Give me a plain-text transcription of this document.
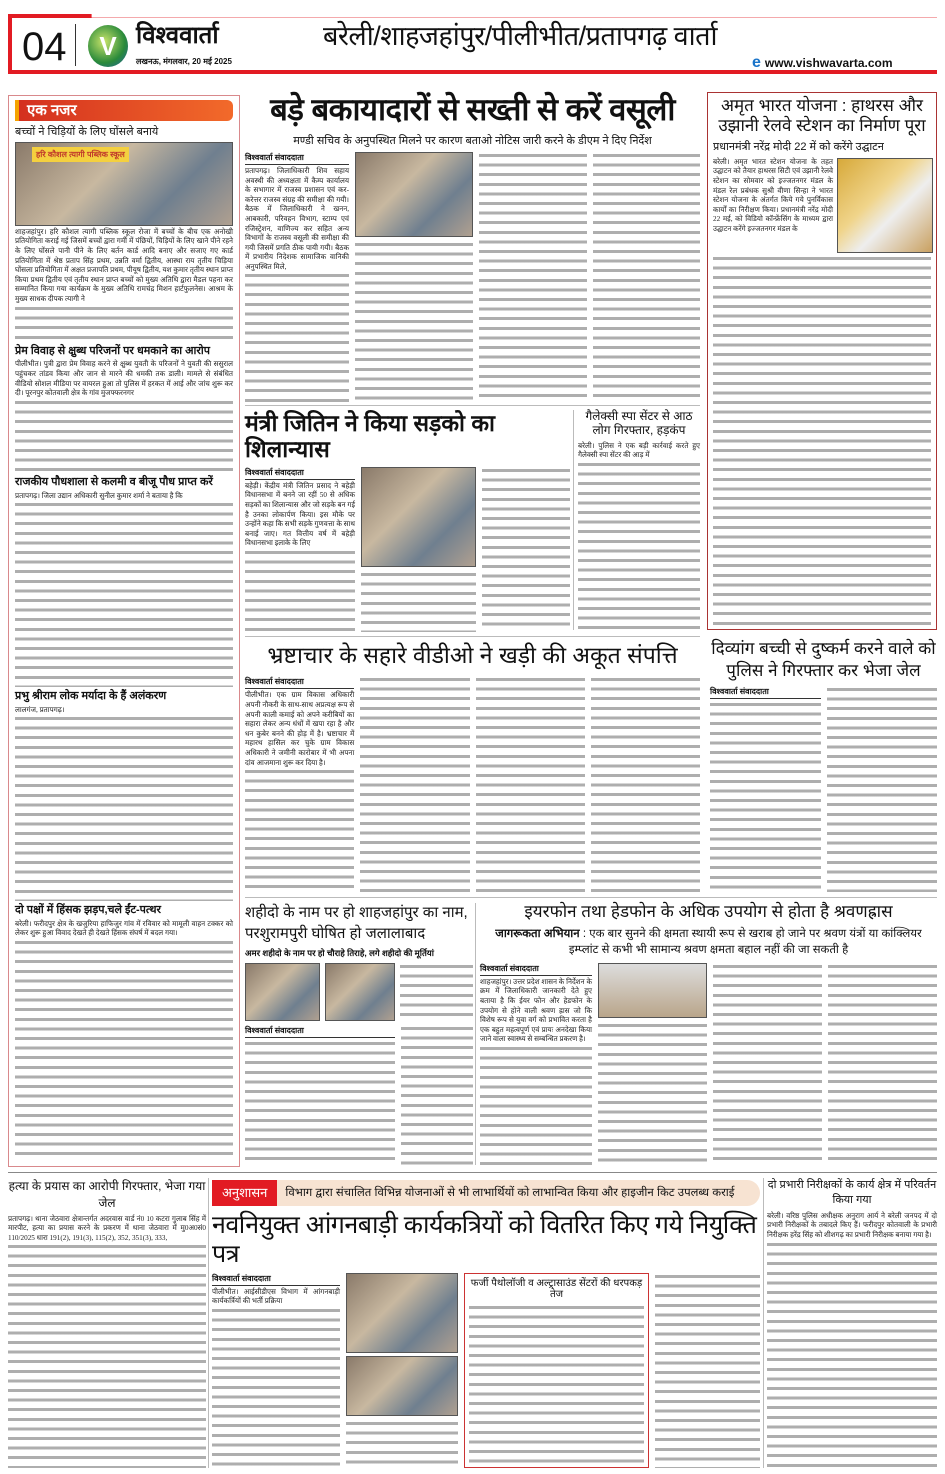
04	V विश्ववार्ता
लखनऊ, मंगलवार, 20 मई 2025
बरेली/शाहजहांपुर/पीलीभीत/प्रतापगढ़ वार्ता
e www.vishwavarta.com
एक नजर
बच्चों ने चिड़ियों के लिए घोंसले बनाये
हरि कौशल त्यागी पब्लिक स्कूल
शाहजहांपुर। हरि कौशल त्यागी पब्लिक स्कूल रोजा में बच्चों के बीच एक अनोखी प्रतियोगिता कराई गई जिसमें बच्चों द्वारा गर्मी में पंछियों, चिड़ियों के लिए खाने पीने रहने के लिए घोंसले पानी पीने के लिए बर्तन कार्ड आदि बनाए और सजाए गए कार्ड प्रतियोगिता में श्रेष्ठ प्रताप सिंह प्रथम, उन्नति वर्मा द्वितीय, आस्था राय तृतीय चिड़िया घोंसला प्रतियोगिता में अक्षत प्रजापति प्रथम, पीयूष द्वितीय, यश कुमार तृतीय स्थान प्राप्त किया प्रथम द्वितीय एवं तृतीय स्थान प्राप्त बच्चों को मुख्य अतिथि द्वारा मैडल पहना कर सम्मानित किया गया कार्यक्रम के मुख्य अतिथि रामचंद्र मिशन हार्टफुलनेस। आश्रम के मुख्य साधक दीपक त्यागी ने
प्रेम विवाह से क्षुब्ध परिजनों पर धमकाने का आरोप
पीलीभीत। पुत्री द्वारा प्रेम विवाह करने से क्षुब्ध युवती के परिजनों ने युवती की ससुराल पहुंचकर तांडव किया और जान से मारने की धमकी तक डाली। मामले से संबंधित वीडियो सोशल मीडिया पर वायरल हुआ तो पुलिस में हरकत में आई और जांच शुरू कर दी। पूरनपुर कोतवाली क्षेत्र के गांव मुजफ्फरनगर
राजकीय पौधशाला से कलमी व बीजू पौध प्राप्त करें
प्रतापगढ़। जिला उद्यान अधिकारी सुनील कुमार शर्मा ने बताया है कि
प्रभु श्रीराम लोक मर्यादा के हैं अलंकरण
लालगंज, प्रतापगढ़।
दो पक्षों में हिंसक झड़प,चले ईंट-पत्थर
बरेली। फरीदपुर क्षेत्र के खजुरिया हाफिजुर गांव में रविवार को मामूली वाहन टक्कर को लेकर शुरू हुआ विवाद देखते ही देखते हिंसक संघर्ष में बदल गया।
बड़े बकायादारों से सख्ती से करें वसूली
मण्डी सचिव के अनुपस्थित मिलने पर कारण बताओ नोटिस जारी करने के डीएम ने दिए निर्देश
विश्ववार्ता संवाददाता
प्रतापगढ़। जिलाधिकारी शिव सहाय अवस्थी की अध्यक्षता में कैम्प कार्यालय के सभागार में राजस्व प्रशासन एवं कर-करेत्तर राजस्व संग्रह की समीक्षा की गयी। बैठक में जिलाधिकारी ने खनन, आबकारी, परिवहन विभाग, स्टाम्प एवं रजिस्ट्रेशन, वाणिज्य कर सहित अन्य विभागों के राजस्व वसूली की समीक्षा की गयी जिसमें प्रगति ठीक पायी गयी। बैठक में प्रभारीय निदेशक सामाजिक वानिकी अनुपस्थित मिले,
मंत्री जितिन ने किया सड़को का शिलान्यास
विश्ववार्ता संवाददाता
बहेड़ी। केंद्रीय मंत्री जितिन प्रसाद ने बहेड़ी विधानसभा में बनने जा रहीं 50 से अधिक सड़कों का शिलान्यास और जो सड़के बन गई है उनका लोकार्पण किया। इस मौके पर उन्होंने कहा कि सभी सड़के गुणवत्ता के साथ बनाई जाए। गत वित्तीय वर्ष में बहेड़ी विधानसभा इलाके के लिए
गैलेक्सी स्पा सेंटर से आठ लोग गिरफ्तार, हड़कंप
बरेली। पुलिस ने एक बड़ी कार्रवाई करते हुए गैलेक्सी स्पा सेंटर की आड़ में
अमृत भारत योजना : हाथरस और उझानी रेलवे स्टेशन का निर्माण पूरा
प्रधानमंत्री नरेंद्र मोदी 22 में को करेंगे उद्घाटन
बरेली। अमृत भारत स्टेशन योजना के तहत उद्घाटन को तैयार हाथरस सिटी एवं उझानी रेलवे स्टेशन का सोमवार को इज्जतनगर मंडल के मंडल रेल प्रबंधक सुश्री वीणा सिन्हा ने भारत स्टेशन योजना के अंतर्गत किये गये पुनर्विकास कार्यों का निरीक्षण किया। प्रधानमंत्री नरेंद्र मोदी 22 मई, को विडियो कॉन्फ्रेंसिंग के माध्यम द्वारा उद्घाटन करेंगे इज्जतनगर मंडल के
भ्रष्टाचार के सहारे वीडीओ ने खड़ी की अकूत संपत्ति
विश्ववार्ता संवाददाता
पीलीभीत। एक ग्राम विकास अधिकारी अपनी नौकरी के साथ-साथ अप्रत्यक्ष रूप से अपनी काली कमाई को अपने करीबियों का सहारा लेकर अन्य धंधों में खपा रहा है और धन कुबेर बनने की होड़ में है। भ्रष्टाचार में महारथ हासिल कर चुके ग्राम विकास अधिकारी ने जमीनी कारोबार में भी अपना दांव आजमाना शुरू कर दिया है।
दिव्यांग बच्ची से दुष्कर्म करने वाले को पुलिस ने गिरफ्तार कर भेजा जेल
विश्ववार्ता संवाददाता
शहीदो के नाम पर हो शाहजहांपुर का नाम, परशुरामपुरी घोषित हो जलालाबाद
अमर शहीदो के नाम पर हो चौराहे तिराहे, लगे शहीदो की मूर्तियां
विश्ववार्ता संवाददाता
इयरफोन तथा हेडफोन के अधिक उपयोग से होता है श्रवणह्रास
जागरूकता अभियान : एक बार सुनने की क्षमता स्थायी रूप से खराब हो जाने पर श्रवण यंत्रों या कांक्लियर इम्प्लांट से कभी भी सामान्य श्रवण क्षमता बहाल नहीं की जा सकती है
विश्ववार्ता संवाददाता
शाहजहांपुर। उत्तर प्रदेश शासन के निर्देशन के क्रम में जिलाधिकारी जानकारी देते हुए बताया है कि ईयर फोन और हेडफोन के उपयोग से होने वाली श्रवण ह्रास जो कि विशेष रूप से युवा वर्ग को प्रभावित करता है एक बहुत महत्वपूर्ण एवं प्रायः अनदेखा किया जाने वाला स्वास्थ्य से सम्बन्धित प्रकरण है।
हत्या के प्रयास का आरोपी गिरफ्तार, भेजा गया जेल
प्रतापगढ़। थाना जेठवारा क्षेत्रान्तर्गत अदरवास वार्ड नं0 10 कटरा गुलाब सिंह में मारपीट, हत्या का प्रयास करने के प्रकरण में थाना जेठवारा में मु0अ0सं0 110/2025 धारा 191(2), 191(3), 115(2), 352, 351(3), 333,
अनुशासन	विभाग द्वारा संचालित विभिन्न योजनाओं से भी लाभार्थियों को लाभान्वित किया और हाइजीन किट उपलब्ध कराई
नवनियुक्त आंगनबाड़ी कार्यकत्रियों को वितरित किए गये नियुक्ति पत्र
विश्ववार्ता संवाददाता
पीलीभीत। आईसीडीएस विभाग में आंगनबाड़ी कार्यकर्त्रियों की भर्ती प्रक्रिया
फर्जी पैथोलॉजी व अल्ट्रासाउंड सेंटरों की धरपकड़ तेज
दो प्रभारी निरीक्षकों के कार्य क्षेत्र में परिवर्तन किया गया
बरेली। वरिष्ठ पुलिस अधीक्षक अनुराग आर्य ने बरेली जनपद में दो प्रभारी निरीक्षकों के तबादले किए हैं। फरीदपुर कोतवाली के प्रभारी निरीक्षक हरेंद्र सिंह को शीशगढ़ का प्रभारी निरीक्षक बनाया गया है।
